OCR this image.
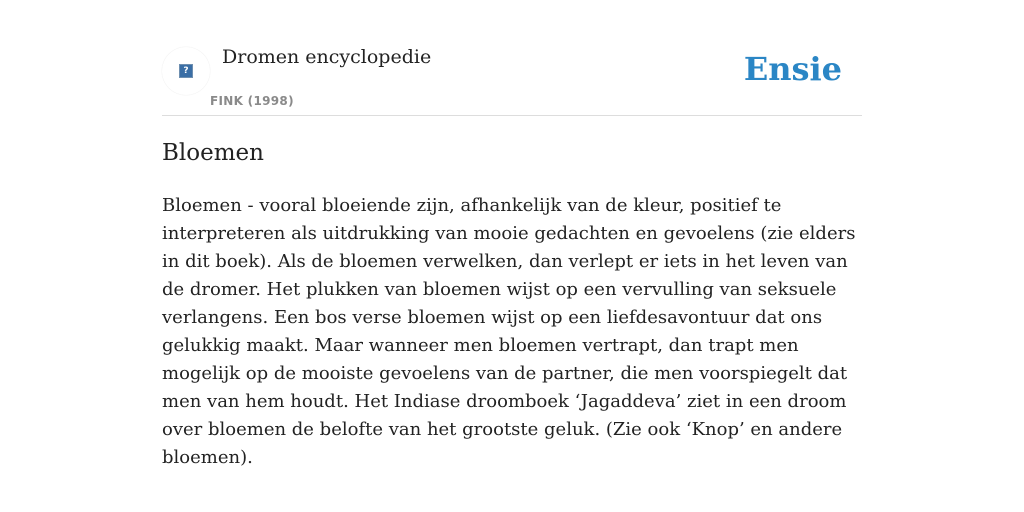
?
Dromen encyclopedie
FINK (1998)
Ensie
Bloemen

Bloemen - vooral bloeiende zijn, afhankelijk van de kleur, positief te interpreteren als uitdrukking van mooie gedachten en gevoelens (zie elders in dit boek). Als de bloemen verwelken, dan verlept er iets in het leven van de dromer. Het plukken van bloemen wijst op een vervulling van seksuele verlangens. Een bos verse bloemen wijst op een liefdesavontuur dat ons gelukkig maakt. Maar wanneer men bloemen vertrapt, dan trapt men mogelijk op de mooiste gevoelens van de partner, die men voorspiegelt dat men van hem houdt. Het Indiase droomboek ‘Jagaddeva’ ziet in een droom over bloemen de belofte van het grootste geluk. (Zie ook ‘Knop’ en andere bloemen).
